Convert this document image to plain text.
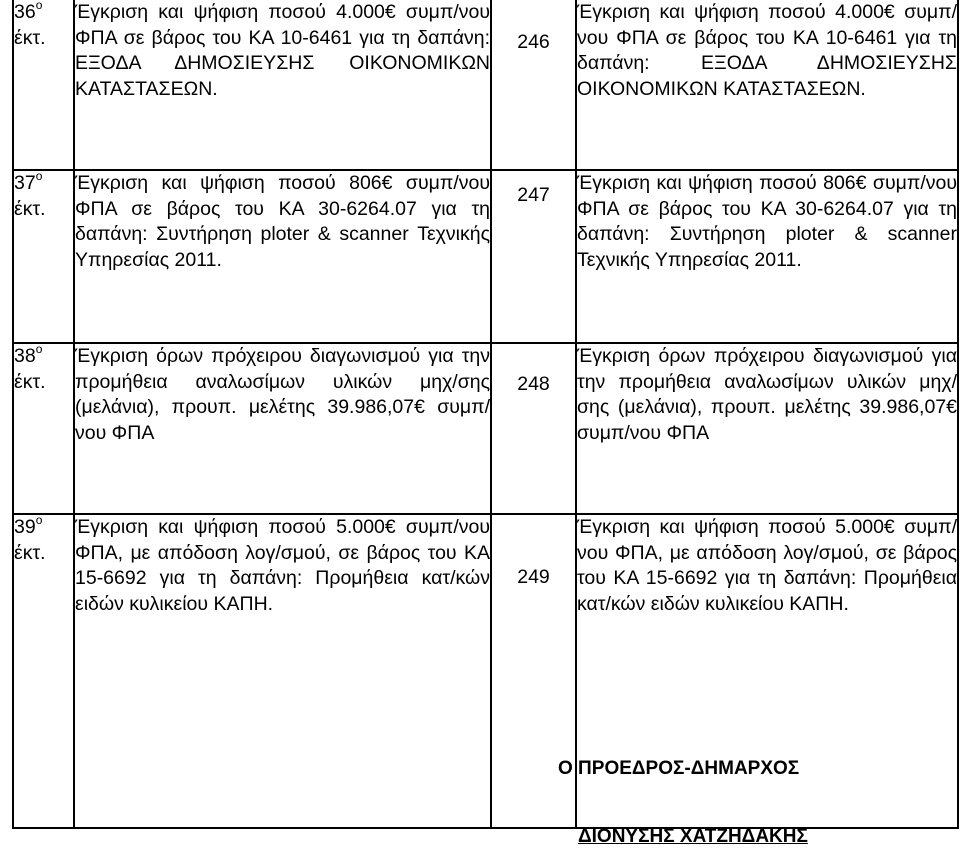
$36^o$
έκτ.	Έγκριση και ψήφιση ποσού 4.000€ συμπ/νου ΦΠΑ σε βάρος του ΚΑ 10-6461 για τη δαπάνη: ΕΞΟΔΑ ΔΗΜΟΣΙΕΥΣΗΣ ΟΙΚΟΝΟΜΙΚΩΝ ΚΑΤΑΣΤΑΣΕΩΝ.	246	Έγκριση και ψήφιση ποσού 4.000€ συμπ/νου ΦΠΑ σε βάρος του ΚΑ 10-6461 για τη δαπάνη: ΕΞΟΔΑ ΔΗΜΟΣΙΕΥΣΗΣ ΟΙΚΟΝΟΜΙΚΩΝ ΚΑΤΑΣΤΑΣΕΩΝ.
$37^o$
έκτ.	Έγκριση και ψήφιση ποσού 806€ συμπ/νου ΦΠΑ σε βάρος του ΚΑ 30-6264.07 για τη δαπάνη: Συντήρηση ploter & scanner Τεχνικής Υπηρεσίας 2011.	247	Έγκριση και ψήφιση ποσού 806€ συμπ/νου ΦΠΑ σε βάρος του ΚΑ 30-6264.07 για τη δαπάνη: Συντήρηση ploter & scanner Τεχνικής Υπηρεσίας 2011.
$38^o$
έκτ.	Έγκριση όρων πρόχειρου διαγωνισμού για την προμήθεια αναλωσίμων υλικών μηχ/σης (μελάνια), προυπ. μελέτης 39.986,07€ συμπ/νου ΦΠΑ	248	Έγκριση όρων πρόχειρου διαγωνισμού για την προμήθεια αναλωσίμων υλικών μηχ/σης (μελάνια), προυπ. μελέτης 39.986,07€ συμπ/νου ΦΠΑ
$39^o$
έκτ.	Έγκριση και ψήφιση ποσού 5.000€ συμπ/νου ΦΠΑ, με απόδοση λογ/σμού, σε βάρος του ΚΑ 15-6692 για τη δαπάνη: Προμήθεια κατ/κών ειδών κυλικείου ΚΑΠΗ.	249	Έγκριση και ψήφιση ποσού 5.000€ συμπ/νου ΦΠΑ, με απόδοση λογ/σμού, σε βάρος του ΚΑ 15-6692 για τη δαπάνη: Προμήθεια κατ/κών ειδών κυλικείου ΚΑΠΗ.
Ο ΠΡΟΕΔΡΟΣ-ΔΗΜΑΡΧΟΣ
ΔΙΟΝΥΣΗΣ ΧΑΤΖΗΔΑΚΗΣ
